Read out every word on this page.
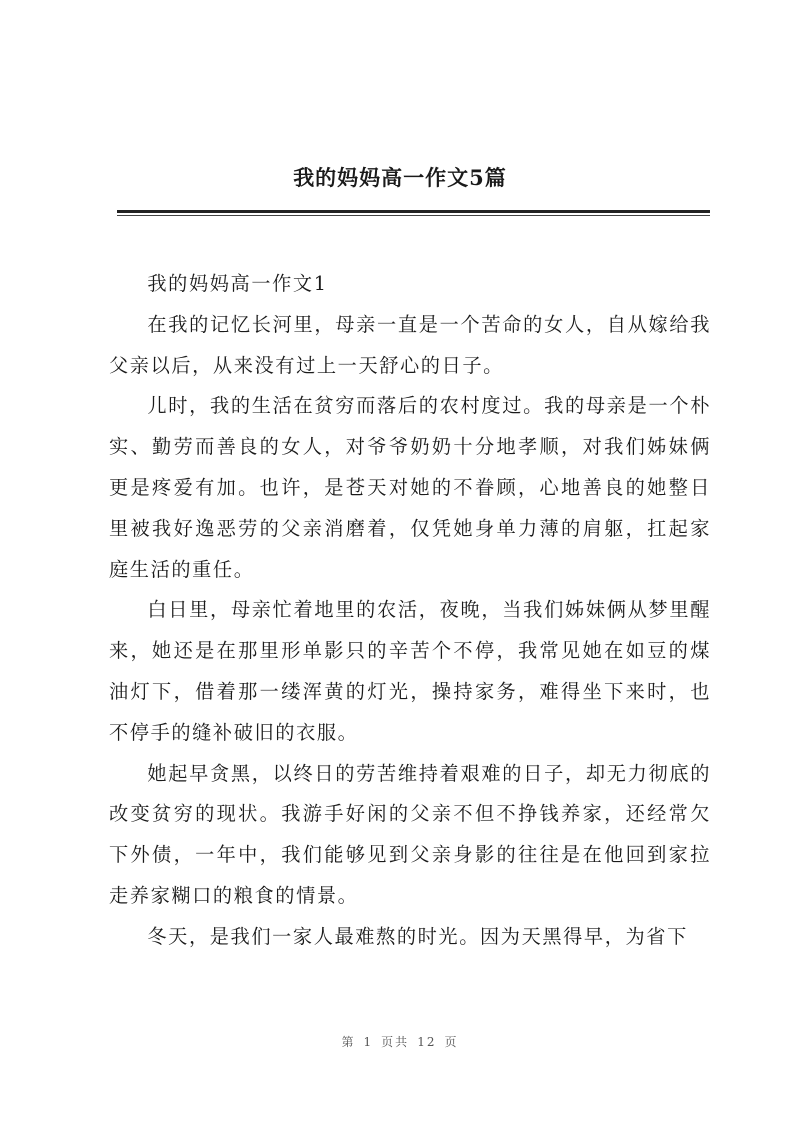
我的妈妈高一作文5篇

我的妈妈高一作文1

在我的记忆长河里，母亲一直是一个苦命的女人，自从嫁给我父亲以后，从来没有过上一天舒心的日子。

儿时，我的生活在贫穷而落后的农村度过。我的母亲是一个朴实、勤劳而善良的女人，对爷爷奶奶十分地孝顺，对我们姊妹俩更是疼爱有加。也许，是苍天对她的不眷顾，心地善良的她整日里被我好逸恶劳的父亲消磨着，仅凭她身单力薄的肩躯，扛起家庭生活的重任。

白日里，母亲忙着地里的农活，夜晚，当我们姊妹俩从梦里醒来，她还是在那里形单影只的辛苦个不停，我常见她在如豆的煤油灯下，借着那一缕浑黄的灯光，操持家务，难得坐下来时，也不停手的缝补破旧的衣服。

她起早贪黑，以终日的劳苦维持着艰难的日子，却无力彻底的改变贫穷的现状。我游手好闲的父亲不但不挣钱养家，还经常欠下外债，一年中，我们能够见到父亲身影的往往是在他回到家拉走养家糊口的粮食的情景。

冬天，是我们一家人最难熬的时光。因为天黑得早，为省下

第 1 页共 12 页
